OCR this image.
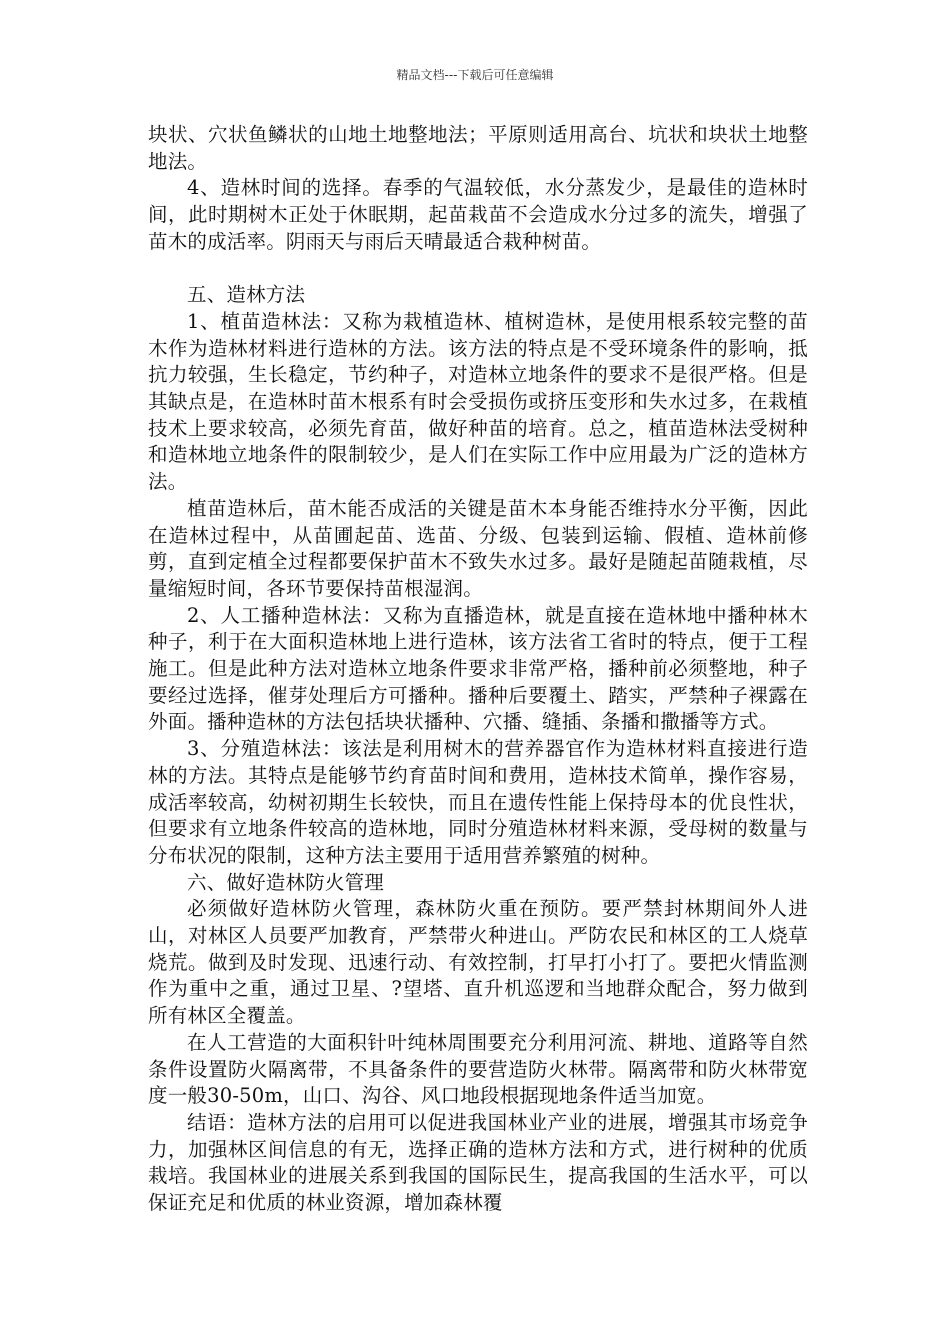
精品文档---下载后可任意编辑

块状、穴状鱼鳞状的山地土地整地法；平原则适用高台、坑状和块状土地整地法。

4、造林时间的选择。春季的气温较低，水分蒸发少，是最佳的造林时间，此时期树木正处于休眠期，起苗栽苗不会造成水分过多的流失，增强了苗木的成活率。阴雨天与雨后天晴最适合栽种树苗。

五、造林方法

1、植苗造林法：又称为栽植造林、植树造林，是使用根系较完整的苗木作为造林材料进行造林的方法。该方法的特点是不受环境条件的影响，抵抗力较强，生长稳定，节约种子，对造林立地条件的要求不是很严格。但是其缺点是，在造林时苗木根系有时会受损伤或挤压变形和失水过多，在栽植技术上要求较高，必须先育苗，做好种苗的培育。总之，植苗造林法受树种和造林地立地条件的限制较少，是人们在实际工作中应用最为广泛的造林方法。

植苗造林后，苗木能否成活的关键是苗木本身能否维持水分平衡，因此在造林过程中，从苗圃起苗、选苗、分级、包装到运输、假植、造林前修剪，直到定植全过程都要保护苗木不致失水过多。最好是随起苗随栽植，尽量缩短时间，各环节要保持苗根湿润。

2、人工播种造林法：又称为直播造林，就是直接在造林地中播种林木种子，利于在大面积造林地上进行造林，该方法省工省时的特点，便于工程施工。但是此种方法对造林立地条件要求非常严格，播种前必须整地，种子要经过选择，催芽处理后方可播种。播种后要覆土、踏实，严禁种子裸露在外面。播种造林的方法包括块状播种、穴播、缝插、条播和撒播等方式。

3、分殖造林法：该法是利用树木的营养器官作为造林材料直接进行造林的方法。其特点是能够节约育苗时间和费用，造林技术简单，操作容易，成活率较高，幼树初期生长较快，而且在遗传性能上保持母本的优良性状，但要求有立地条件较高的造林地，同时分殖造林材料来源，受母树的数量与分布状况的限制，这种方法主要用于适用营养繁殖的树种。

六、做好造林防火管理

必须做好造林防火管理，森林防火重在预防。要严禁封林期间外人进山，对林区人员要严加教育，严禁带火种进山。严防农民和林区的工人烧草烧荒。做到及时发现、迅速行动、有效控制，打早打小打了。要把火情监测作为重中之重，通过卫星、?望塔、直升机巡逻和当地群众配合，努力做到所有林区全覆盖。

在人工营造的大面积针叶纯林周围要充分利用河流、耕地、道路等自然条件设置防火隔离带，不具备条件的要营造防火林带。隔离带和防火林带宽度一般30-50m，山口、沟谷、风口地段根据现地条件适当加宽。

结语：造林方法的启用可以促进我国林业产业的进展，增强其市场竞争力，加强林区间信息的有无，选择正确的造林方法和方式，进行树种的优质栽培。我国林业的进展关系到我国的国际民生，提高我国的生活水平，可以保证充足和优质的林业资源，增加森林覆
